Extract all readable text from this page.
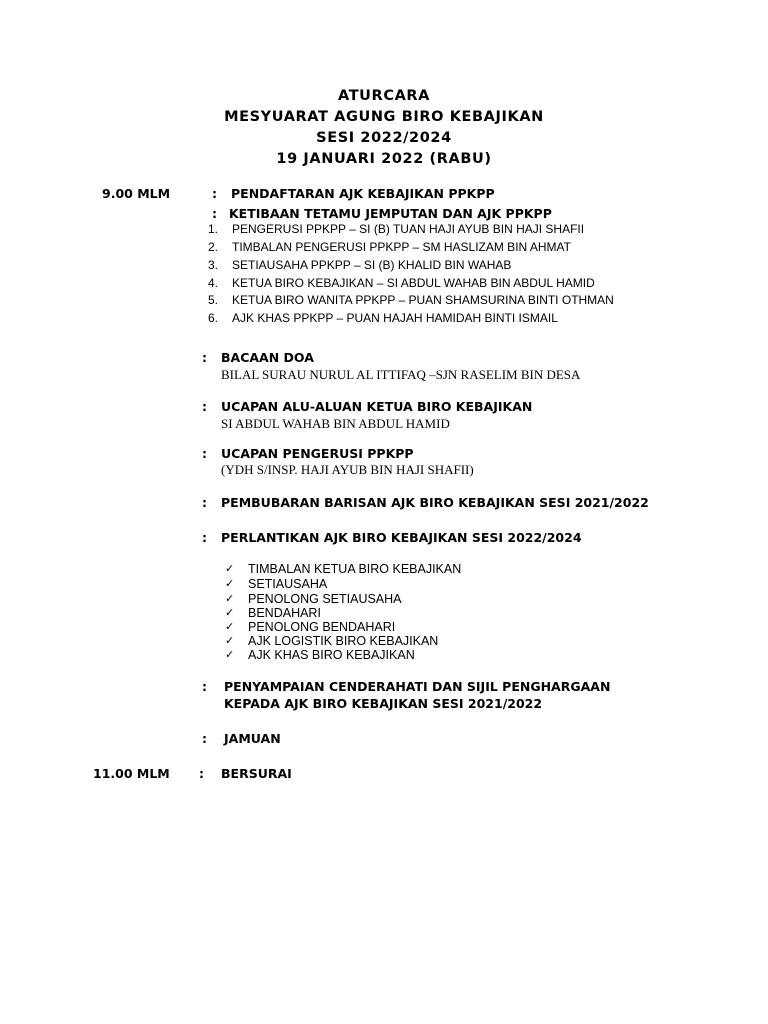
ATURCARA
MESYUARAT AGUNG BIRO KEBAJIKAN
SESI 2022/2024
19 JANUARI 2022 (RABU)
9.00 MLM	: PENDAFTARAN AJK KEBAJIKAN PPKPP
: KETIBAAN TETAMU JEMPUTAN DAN AJK PPKPP
1. PENGERUSI PPKPP – SI (B) TUAN HAJI AYUB BIN HAJI SHAFII
2. TIMBALAN PENGERUSI PPKPP – SM HASLIZAM BIN AHMAT
3. SETIAUSAHA PPKPP – SI (B) KHALID BIN WAHAB
4. KETUA BIRO KEBAJIKAN – SI ABDUL WAHAB BIN ABDUL HAMID
5. KETUA BIRO WANITA PPKPP – PUAN SHAMSURINA BINTI OTHMAN
6. AJK KHAS PPKPP – PUAN HAJAH HAMIDAH BINTI ISMAIL
: BACAAN DOA
BILAL SURAU NURUL AL ITTIFAQ –SJN RASELIM BIN DESA
: UCAPAN ALU-ALUAN KETUA BIRO KEBAJIKAN
SI ABDUL WAHAB BIN ABDUL HAMID
: UCAPAN PENGERUSI PPKPP
(YDH S/INSP. HAJI AYUB BIN HAJI SHAFII)
: PEMBUBARAN BARISAN AJK BIRO KEBAJIKAN SESI 2021/2022
: PERLANTIKAN AJK BIRO KEBAJIKAN SESI 2022/2024
✓ TIMBALAN KETUA BIRO KEBAJIKAN
✓ SETIAUSAHA
✓ PENOLONG SETIAUSAHA
✓ BENDAHARI
✓ PENOLONG BENDAHARI
✓ AJK LOGISTIK BIRO KEBAJIKAN
✓ AJK KHAS BIRO KEBAJIKAN
: PENYAMPAIAN CENDERAHATI DAN SIJIL PENGHARGAAN
KEPADA AJK BIRO KEBAJIKAN SESI 2021/2022
: JAMUAN
11.00 MLM : BERSURAI
